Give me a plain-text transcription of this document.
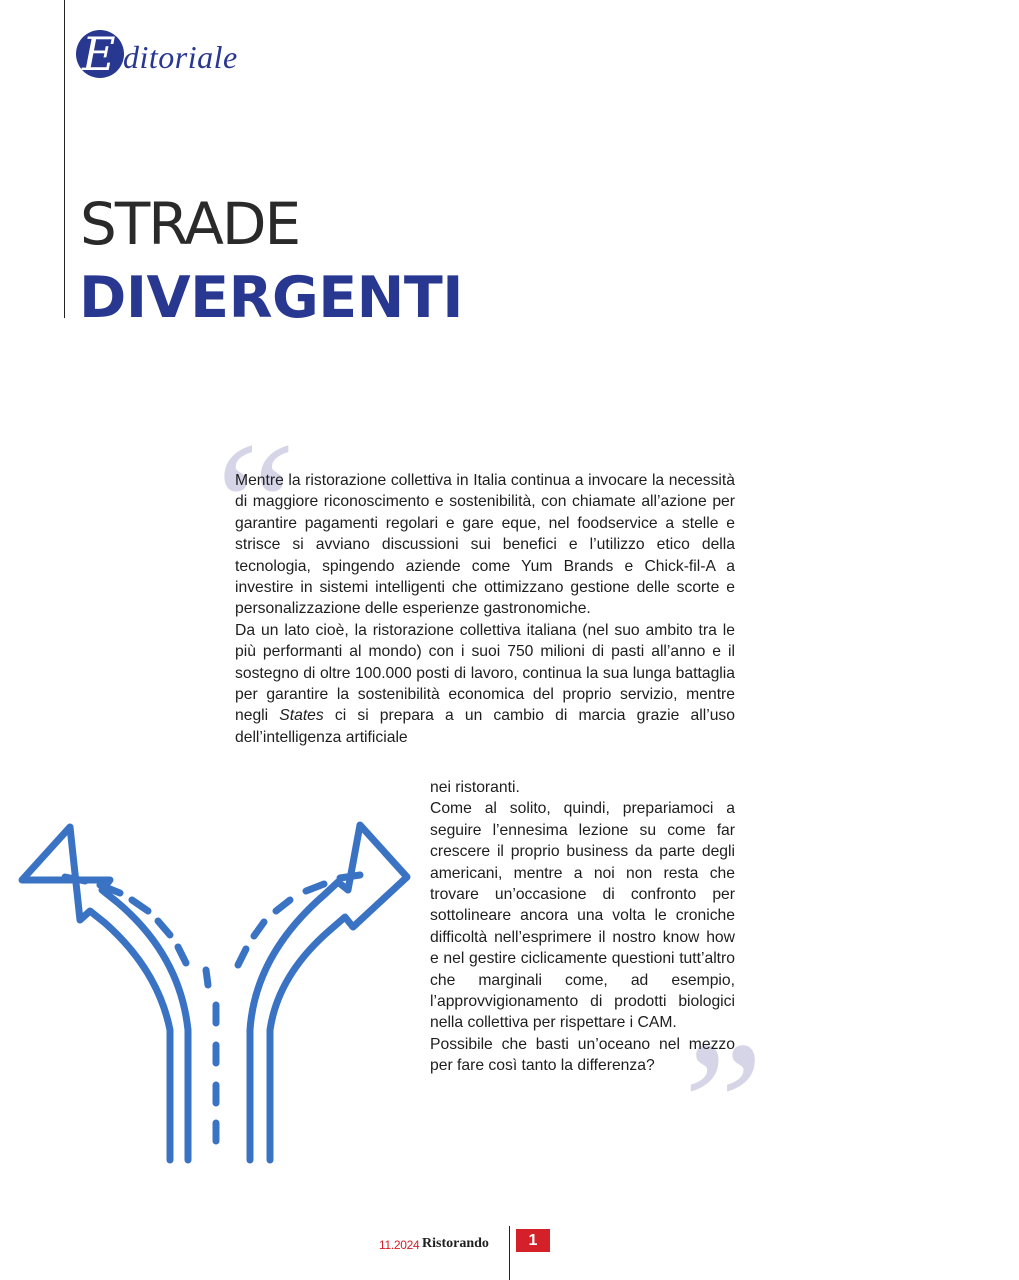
E ditoriale
STRADE
DIVERGENTI
“

Mentre la ristorazione collettiva in Italia continua a invocare la necessità di maggiore riconoscimento e sostenibilità, con chiamate all’azione per garantire pagamenti regolari e gare eque, nel foodservice a stelle e strisce si avviano discussioni sui benefici e l’utilizzo etico della tecnologia, spingendo aziende come Yum Brands e Chick-fil-A a investire in sistemi intelligenti che ottimizzano gestione delle scorte e personalizzazione delle esperienze gastronomiche.

Da un lato cioè, la ristorazione collettiva italiana (nel suo ambito tra le più performanti al mondo) con i suoi 750 milioni di pasti all’anno e il sostegno di oltre 100.000 posti di lavoro, continua la sua lunga battaglia per garantire la sostenibilità economica del proprio servizio, mentre negli States ci si prepara a un cambio di marcia grazie all’uso dell’intelligenza artificiale

nei ristoranti.

Come al solito, quindi, prepariamoci a seguire l’ennesima lezione su come far crescere il proprio business da parte degli americani, mentre a noi non resta che trovare un’occasione di confronto per sottolineare ancora una volta le croniche difficoltà nell’esprimere il nostro know how e nel gestire ciclicamente questioni tutt’altro che marginali come, ad esempio, l’approvvigionamento di prodotti biologici nella collettiva per rispettare i CAM.

Possibile che basti un’oceano nel mezzo per fare così tanto la differenza? ”
11.2024 Ristorando	1
